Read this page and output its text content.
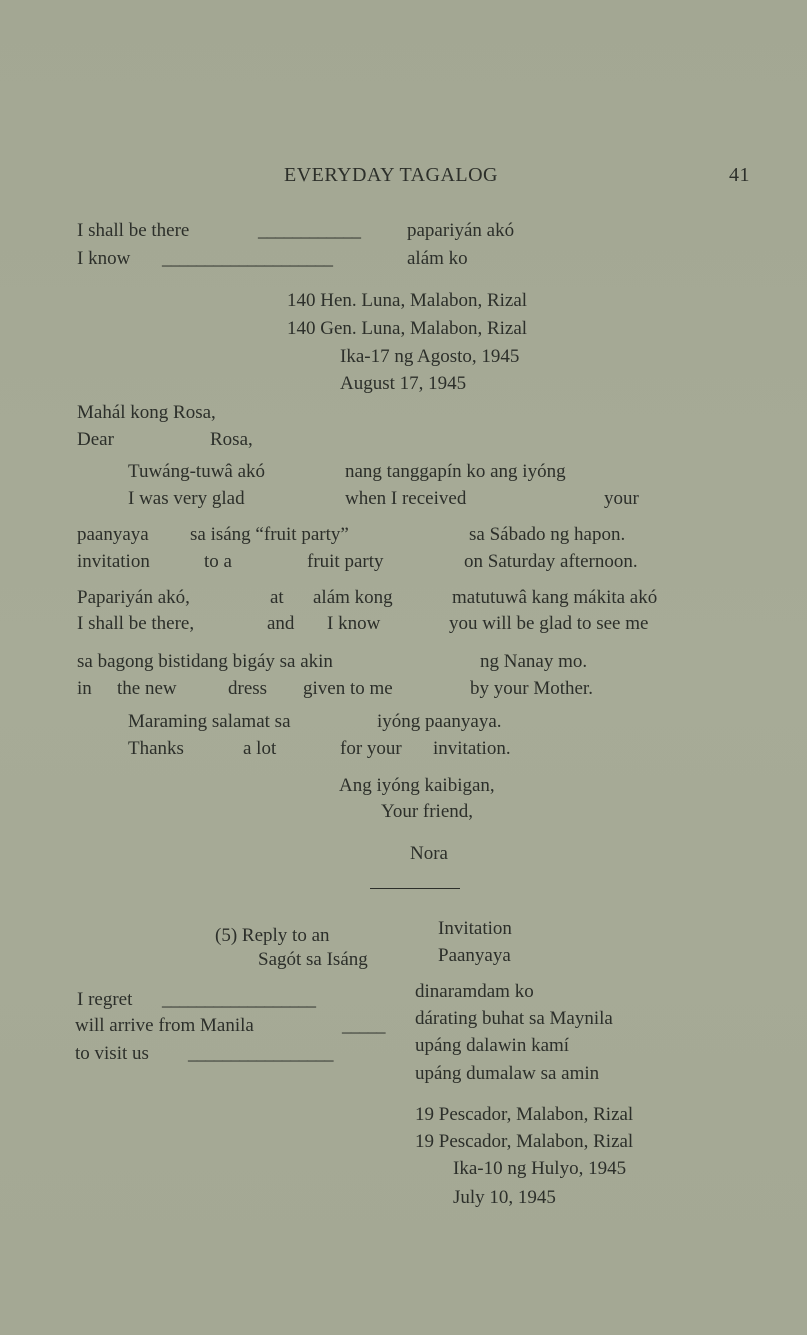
EVERYDAY TAGALOG	41
I shall be there	____________ papariyán akó
I know ____________________	alám ko
140 Hen. Luna, Malabon, Rizal
140 Gen. Luna, Malabon, Rizal
Ika-17 ng Agosto, 1945
August 17, 1945
Mahál kong Rosa,
Dear	Rosa,
Tuwáng-tuwâ akó	nang tanggapín ko ang iyóng
I was very glad	when I received	your
paanyaya sa isáng “fruit party”	sa Sábado ng hapon.
invitation	to a	fruit party	on Saturday afternoon.
Papariyán akó,	at alám kong	matutuwâ kang mákita akó
I shall be there,	and I know	you will be glad to see me
sa bagong bistidang bigáy sa akin	ng Nanay mo.
in the new	dress given to me	by your Mother.
Maraming salamat sa	iyóng paanyaya.
Thanks	a lot	for your invitation.
Ang iyóng kaibigan,
Your friend,
Nora
(5) Reply to an	Invitation
Sagót sa Isáng	Paanyaya
I regret __________________	dinaramdam ko
will arrive from Manila	_____ dárating buhat sa Maynila
to visit us _________________	upáng dalawin kamí
upáng dumalaw sa amin
19 Pescador, Malabon, Rizal
19 Pescador, Malabon, Rizal
Ika-10 ng Hulyo, 1945
July 10, 1945
